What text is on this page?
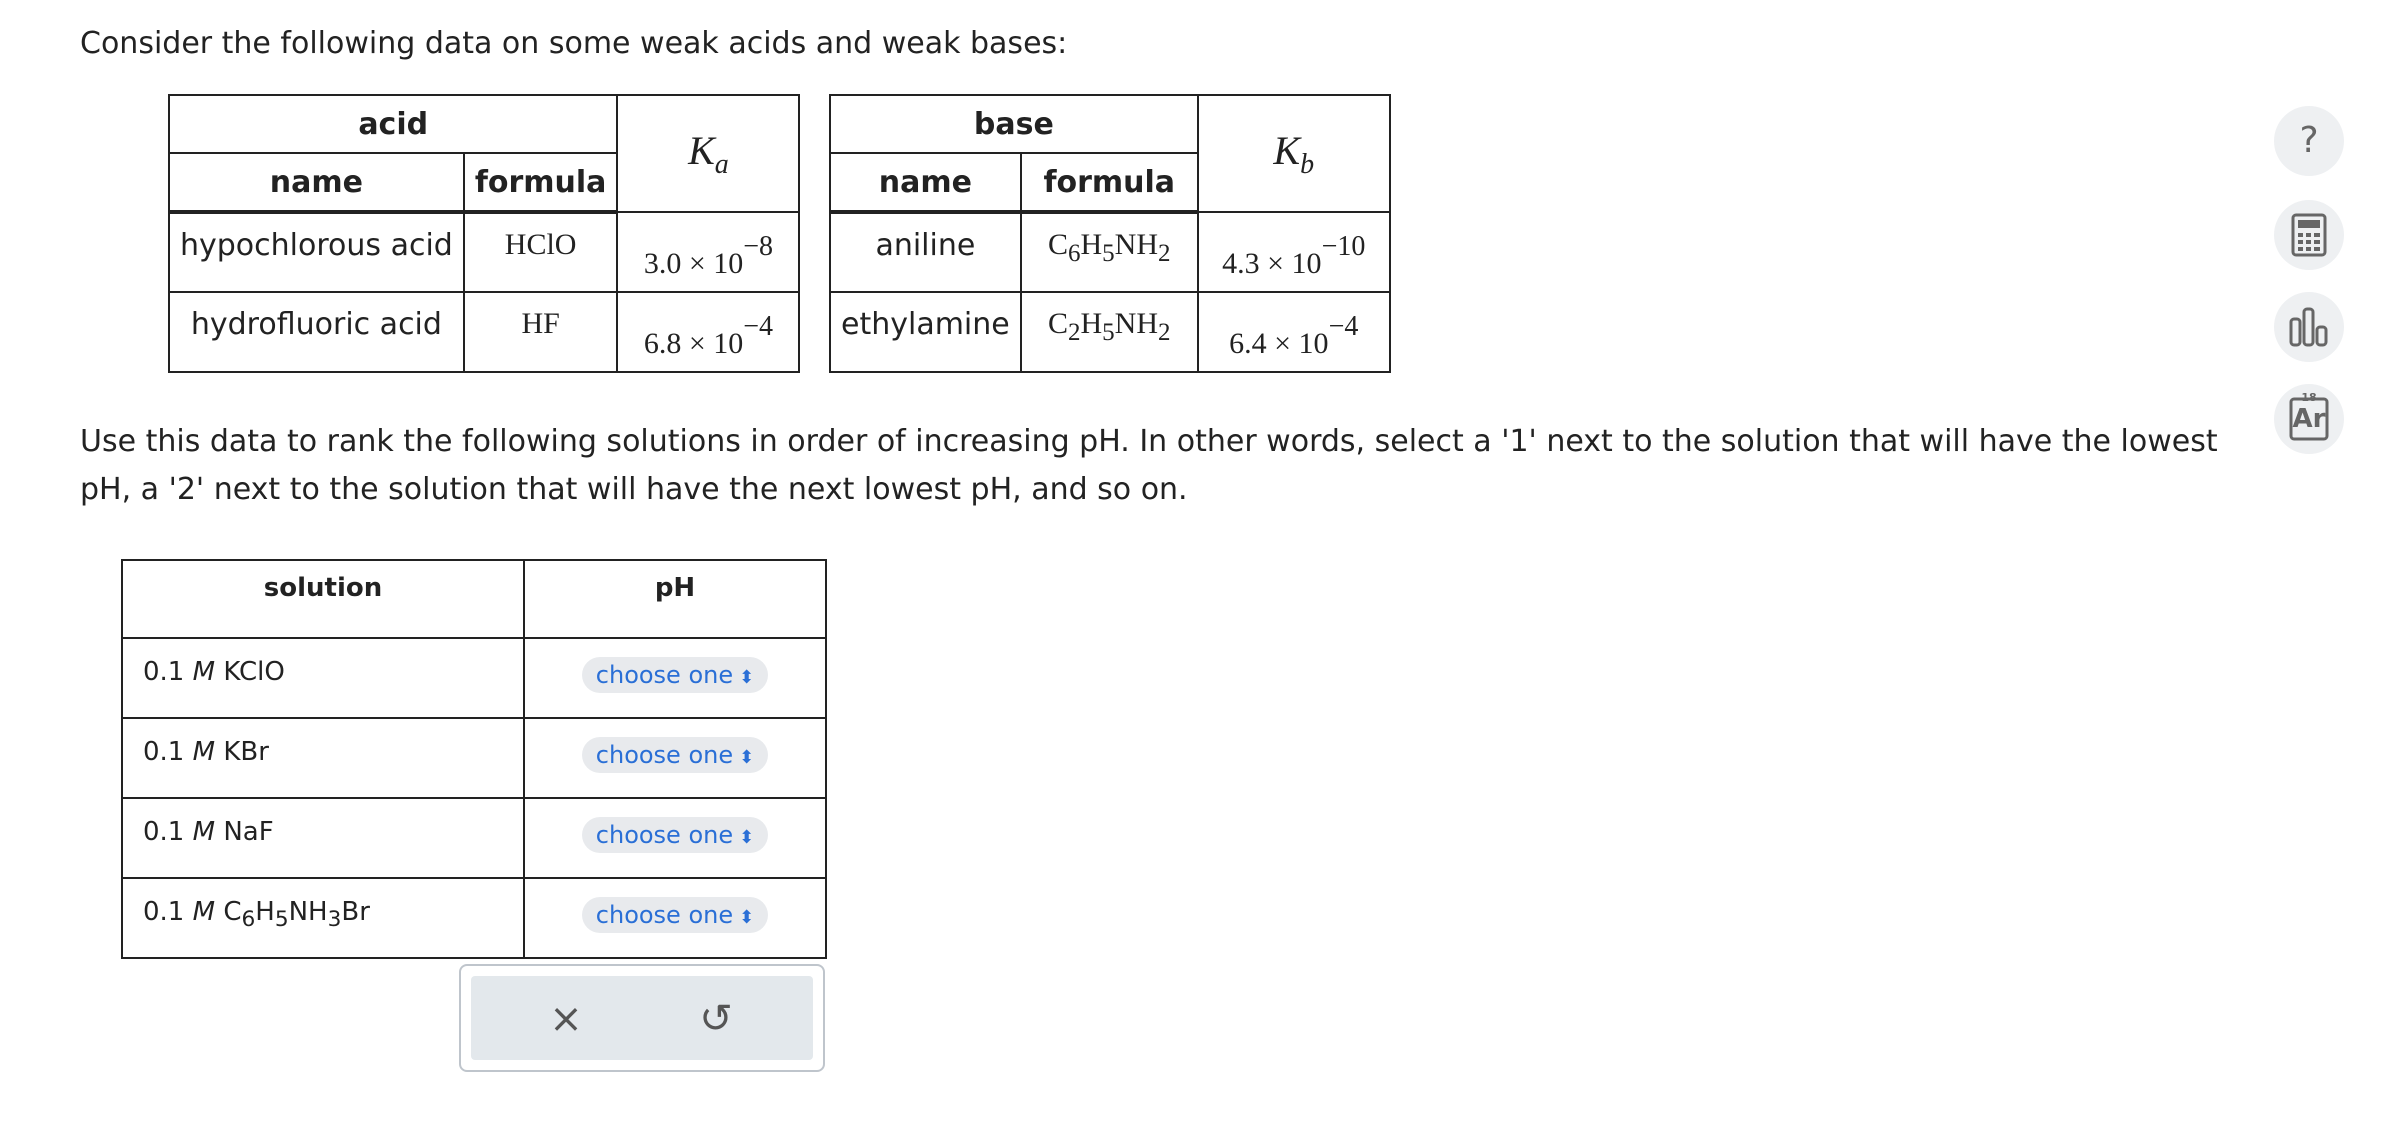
Consider the following data on some weak acids and weak bases:
acid		$K_a$
name	formula	
hypochlorous acid	HClO	$3.0 \times 10^{-8}$
hydrofluoric acid	HF	$6.8 \times 10^{-4}$
base		$K_b$
name	formula	
aniline	$C_6H_5NH_2$	$4.3 \times 10^{-10}$
ethylamine	$C_2H_5NH_2$	$6.4 \times 10^{-4}$
Use this data to rank the following solutions in order of increasing pH. In other words, select a '1' next to the solution that will have the lowest pH, a '2' next to the solution that will have the next lowest pH, and so on.
solution	pH
0.1 M KClO	choose one ⬍
0.1 M KBr	choose one ⬍
0.1 M NaF	choose one ⬍
0.1 M $C_6H_5NH_3Br$	choose one ⬍
×	↺
?
18
Ar
